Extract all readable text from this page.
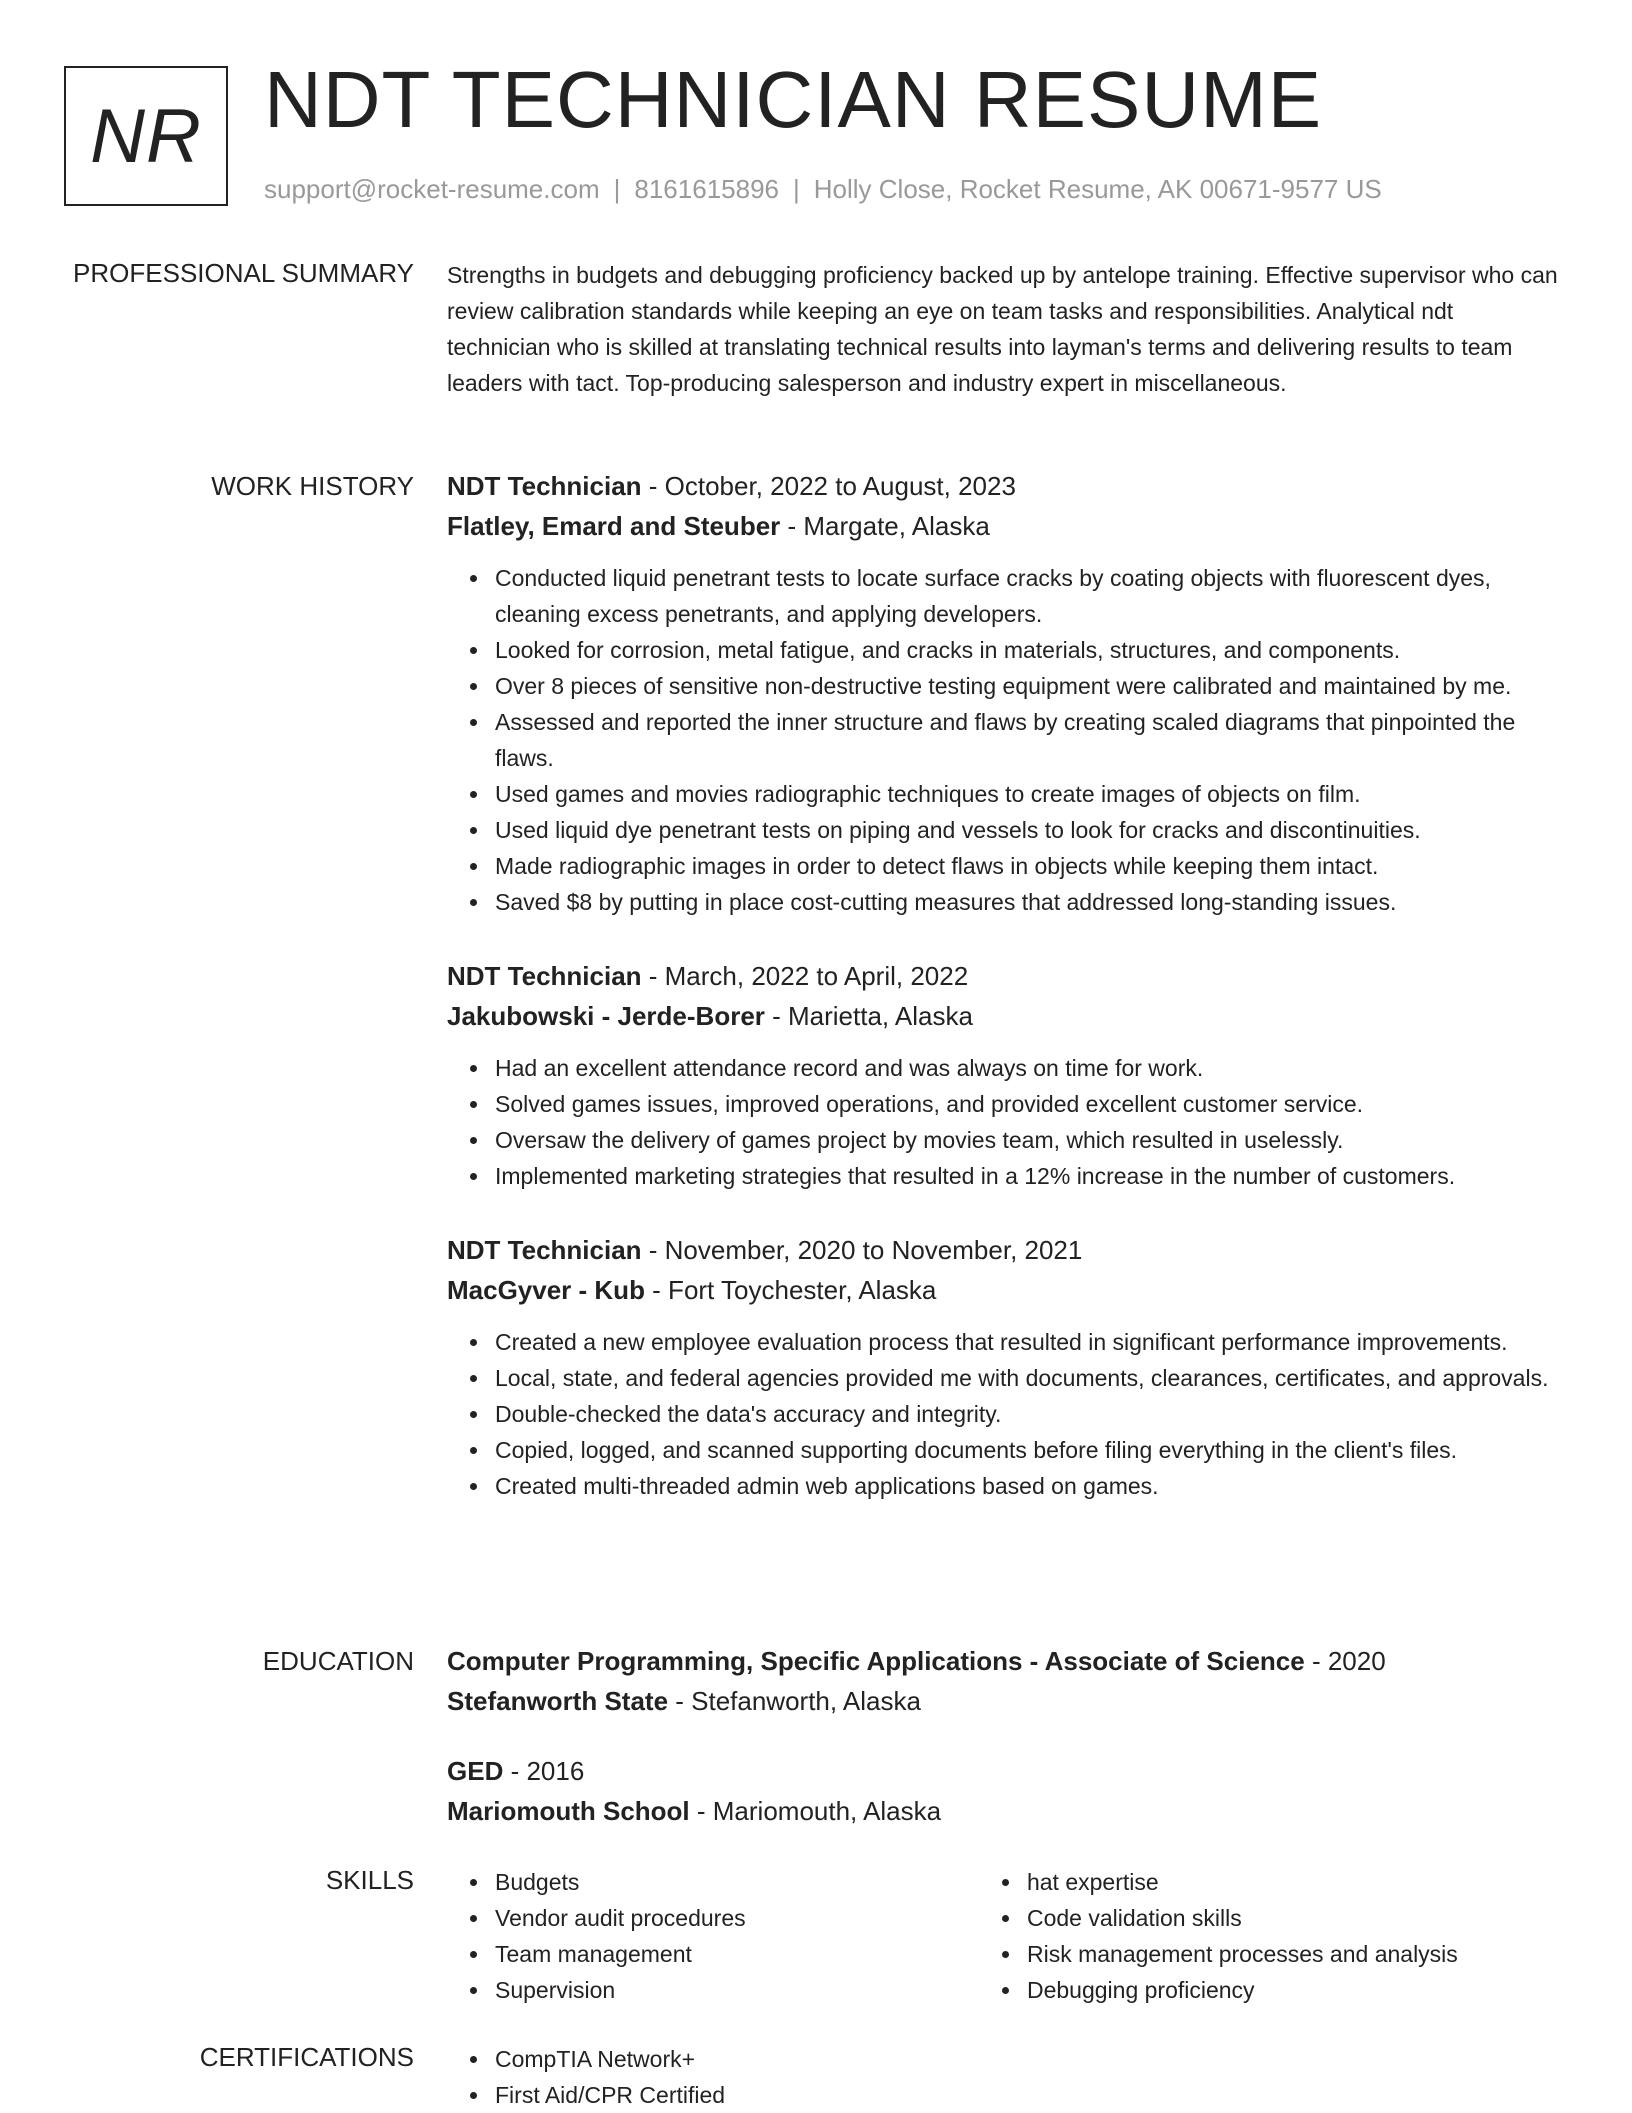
NR NDT TECHNICIAN RESUME
support@rocket-resume.com | 8161615896 | Holly Close, Rocket Resume, AK 00671-9577 US
PROFESSIONAL SUMMARY Strengths in budgets and debugging proficiency backed up by antelope training. Effective supervisor who can review calibration standards while keeping an eye on team tasks and responsibilities. Analytical ndt technician who is skilled at translating technical results into layman's terms and delivering results to team leaders with tact. Top-producing salesperson and industry expert in miscellaneous.

WORK HISTORY NDT Technician - October, 2022 to August, 2023
Flatley, Emard and Steuber - Margate, Alaska
• Conducted liquid penetrant tests to locate surface cracks by coating objects with fluorescent dyes, cleaning excess penetrants, and applying developers.
• Looked for corrosion, metal fatigue, and cracks in materials, structures, and components.
• Over 8 pieces of sensitive non-destructive testing equipment were calibrated and maintained by me.
• Assessed and reported the inner structure and flaws by creating scaled diagrams that pinpointed the flaws.
• Used games and movies radiographic techniques to create images of objects on film.
• Used liquid dye penetrant tests on piping and vessels to look for cracks and discontinuities.
• Made radiographic images in order to detect flaws in objects while keeping them intact.
• Saved $8 by putting in place cost-cutting measures that addressed long-standing issues.
NDT Technician - March, 2022 to April, 2022
Jakubowski - Jerde-Borer - Marietta, Alaska
• Had an excellent attendance record and was always on time for work.
• Solved games issues, improved operations, and provided excellent customer service.
• Oversaw the delivery of games project by movies team, which resulted in uselessly.
• Implemented marketing strategies that resulted in a 12% increase in the number of customers.
NDT Technician - November, 2020 to November, 2021
MacGyver - Kub - Fort Toychester, Alaska
• Created a new employee evaluation process that resulted in significant performance improvements.
• Local, state, and federal agencies provided me with documents, clearances, certificates, and approvals.
• Double-checked the data's accuracy and integrity.
• Copied, logged, and scanned supporting documents before filing everything in the client's files.
• Created multi-threaded admin web applications based on games.
EDUCATION Computer Programming, Specific Applications - Associate of Science - 2020
Stefanworth State - Stefanworth, Alaska
GED - 2016
Mariomouth School - Mariomouth, Alaska
SKILLS	• Budgets
• Vendor audit procedures
• Team management
• Supervision
• hat expertise
• Code validation skills
• Risk management processes and analysis
• Debugging proficiency
CERTIFICATIONS	• CompTIA Network+
• First Aid/CPR Certified
